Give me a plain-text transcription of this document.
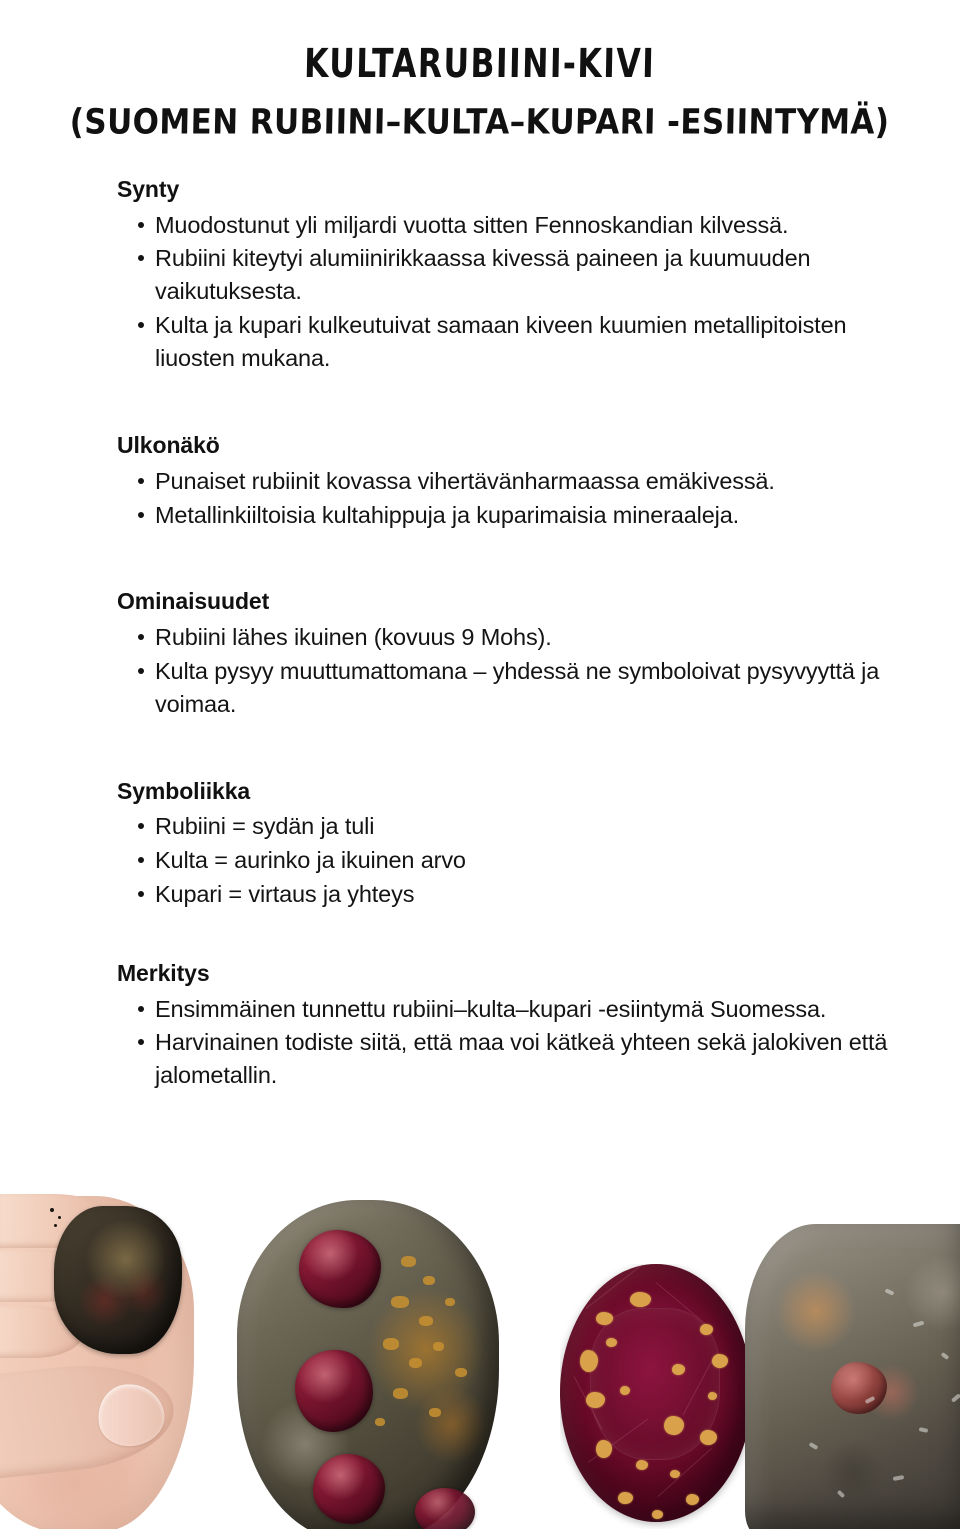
KULTARUBIINI-KIVI
(SUOMEN RUBIINI–KULTA–KUPARI -ESIINTYMÄ)
Synty
Muodostunut yli miljardi vuotta sitten Fennoskandian kilvessä.
Rubiini kiteytyi alumiinirikkaassa kivessä paineen ja kuumuuden vaikutuksesta.
Kulta ja kupari kulkeutuivat samaan kiveen kuumien metallipitoisten liuosten mukana.
Ulkonäkö
Punaiset rubiinit kovassa vihertävänharmaassa emäkivessä.
Metallinkiiltoisia kultahippuja ja kuparimaisia mineraaleja.
Ominaisuudet
Rubiini lähes ikuinen (kovuus 9 Mohs).
Kulta pysyy muuttumattomana – yhdessä ne symboloivat pysyvyyttä ja voimaa.
Symboliikka
Rubiini = sydän ja tuli
Kulta = aurinko ja ikuinen arvo
Kupari = virtaus ja yhteys
Merkitys
Ensimmäinen tunnettu rubiini–kulta–kupari -esiintymä Suomessa.
Harvinainen todiste siitä, että maa voi kätkeä yhteen sekä jalokiven että jalometallin.
